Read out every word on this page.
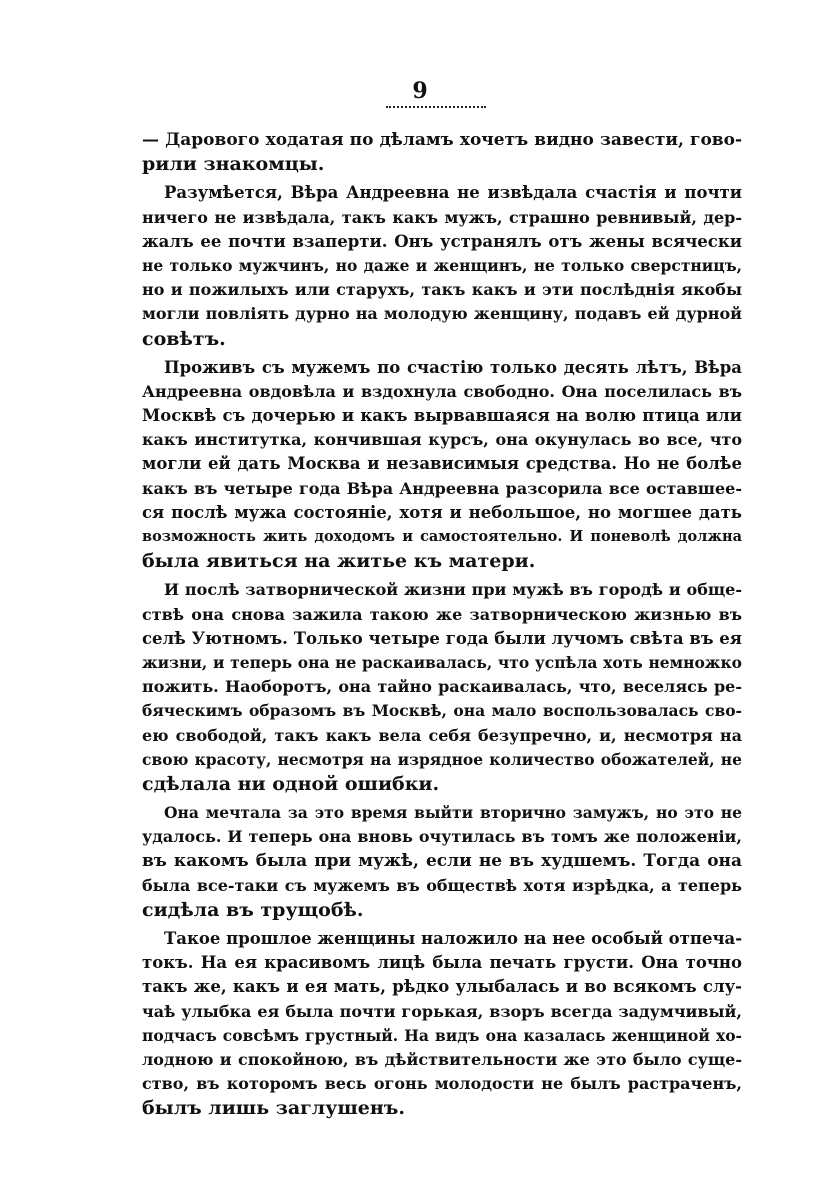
9
— Даровогo ходатая по дѣламъ хочетъ видно завести, гово-
рили знакомцы.
Разумѣется, Вѣра Андреевна не извѣдала счастія и почти
ничего не извѣдала, такъ какъ мужъ, страшно ревнивый, дер-
жалъ ее почти взаперти. Онъ устранялъ отъ жены всячески
не только мужчинъ, но даже и женщинъ, не только сверстницъ,
но и пожилыхъ или старухъ, такъ какъ и эти послѣднія якобы
могли повліять дурно на молодую женщину, подавъ ей дурной
совѣтъ.
Проживъ съ мужемъ по счастію только десять лѣтъ, Вѣра
Андреевна овдовѣла и вздохнула свободно. Она поселилась въ
Москвѣ съ дочерью и какъ вырвавшаяся на волю птица или
какъ институтка, кончившая курсъ, она окунулась во все, что
могли ей дать Москва и независимыя средства. Но не болѣе
какъ въ четыре года Вѣра Андреевна разсорила все оставшее-
ся послѣ мужа состояніе, хотя и небольшое, но могшее дать
возможность жить доходомъ и самостоятельно. И поневолѣ должна
была явиться на житье къ матери.
И послѣ затворнической жизни при мужѣ въ городѣ и обще-
ствѣ она снова зажила такою же затворническою жизнью въ
селѣ Уютномъ. Только четыре года были лучомъ свѣта въ ея
жизни, и теперь она не раскаивалась, что успѣла хоть немножко
пожить. Наоборотъ, она тайно раскаивалась, что, веселясь ре-
бяческимъ образомъ въ Москвѣ, она мало воспользовалась сво-
ею свободой, такъ какъ вела себя безупречно, и, несмотря на
свою красоту, несмотря на изрядное количество обожателей, не
сдѣлала ни одной ошибки.
Она мечтала за это время выйти вторично замужъ, но это не
удалось. И теперь она вновь очутилась въ томъ же положеніи,
въ какомъ была при мужѣ, если не въ худшемъ. Тогда она
была все-таки съ мужемъ въ обществѣ хотя изрѣдка, а теперь
сидѣла въ трущобѣ.
Такое прошлое женщины наложило на нее особый отпеча-
токъ. На ея красивомъ лицѣ была печать грусти. Она точно
такъ же, какъ и ея мать, рѣдко улыбалась и во всякомъ слу-
чаѣ улыбка ея была почти горькая, взоръ всегда задумчивый,
подчасъ совсѣмъ грустный. На видъ она казалась женщиной хо-
лодною и спокойною, въ дѣйствительности же это было суще-
ство, въ которомъ весь огонь молодости не былъ растраченъ,
былъ лишь заглушенъ.
